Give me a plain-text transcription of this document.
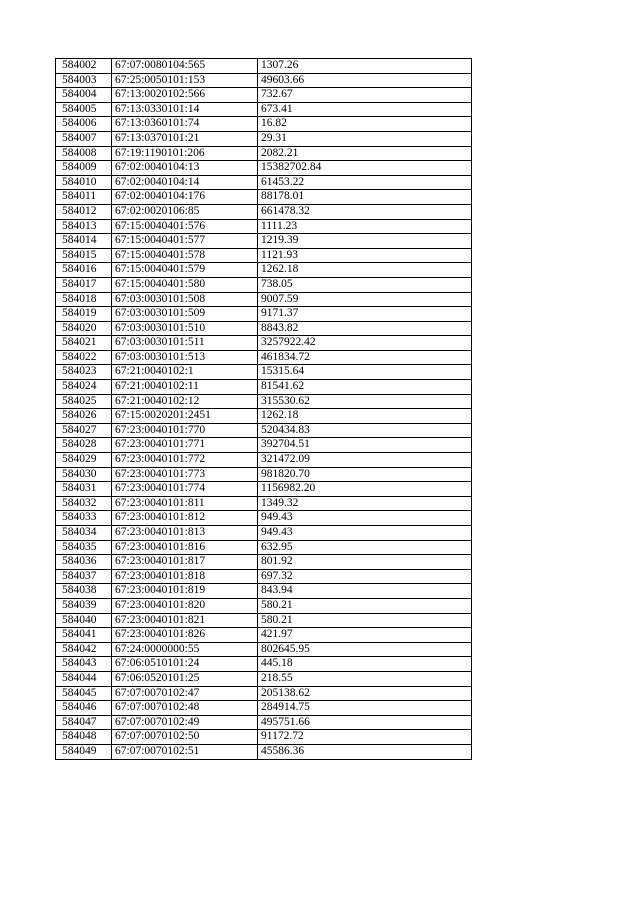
584002	67:07:0080104:565	1307.26
584003	67:25:0050101:153	49603.66
584004	67:13:0020102:566	732.67
584005	67:13:0330101:14	673.41
584006	67:13:0360101:74	16.82
584007	67:13:0370101:21	29.31
584008	67:19:1190101:206	2082.21
584009	67:02:0040104:13	15382702.84
584010	67:02:0040104:14	61453.22
584011	67:02:0040104:176	88178.01
584012	67:02:0020106:85	661478.32
584013	67:15:0040401:576	1111.23
584014	67:15:0040401:577	1219.39
584015	67:15:0040401:578	1121.93
584016	67:15:0040401:579	1262.18
584017	67:15:0040401:580	738.05
584018	67:03:0030101:508	9007.59
584019	67:03:0030101:509	9171.37
584020	67:03:0030101:510	8843.82
584021	67:03:0030101:511	3257922.42
584022	67:03:0030101:513	461834.72
584023	67:21:0040102:1	15315.64
584024	67:21:0040102:11	81541.62
584025	67:21:0040102:12	315530.62
584026	67:15:0020201:2451	1262.18
584027	67:23:0040101:770	520434.83
584028	67:23:0040101:771	392704.51
584029	67:23:0040101:772	321472.09
584030	67:23:0040101:773	981820.70
584031	67:23:0040101:774	1156982.20
584032	67:23:0040101:811	1349.32
584033	67:23:0040101:812	949.43
584034	67:23:0040101:813	949.43
584035	67:23:0040101:816	632.95
584036	67:23:0040101:817	801.92
584037	67:23:0040101:818	697.32
584038	67:23:0040101:819	843.94
584039	67:23:0040101:820	580.21
584040	67:23:0040101:821	580.21
584041	67:23:0040101:826	421.97
584042	67:24:0000000:55	802645.95
584043	67:06:0510101:24	445.18
584044	67:06:0520101:25	218.55
584045	67:07:0070102:47	205138.62
584046	67:07:0070102:48	284914.75
584047	67:07:0070102:49	495751.66
584048	67:07:0070102:50	91172.72
584049	67:07:0070102:51	45586.36
